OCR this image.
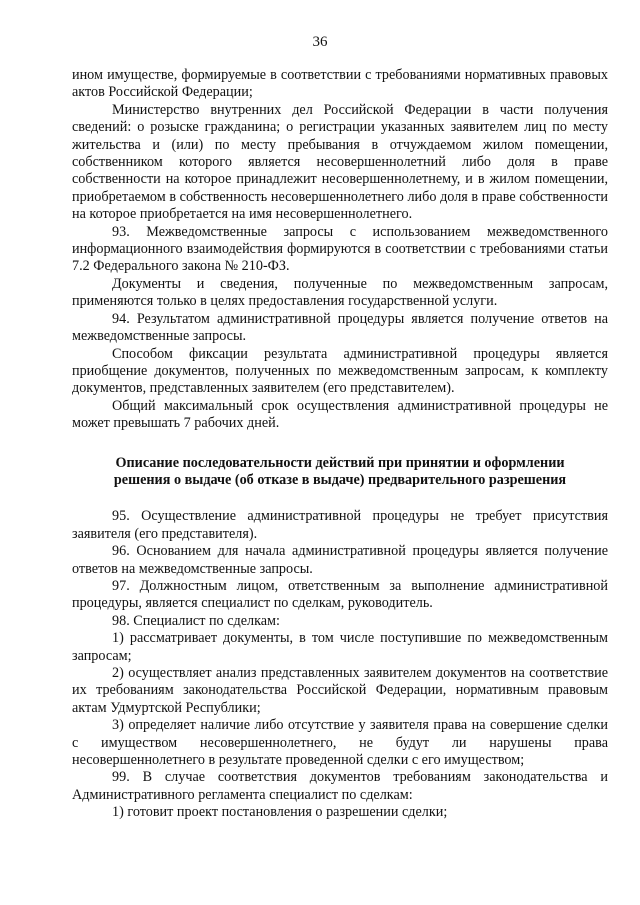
36

ином имуществе, формируемые в соответствии с требованиями нормативных правовых актов Российской Федерации;

Министерство внутренних дел Российской Федерации в части получения сведений: о розыске гражданина; о регистрации указанных заявителем лиц по месту жительства и (или) по месту пребывания в отчуждаемом жилом помещении, собственником которого является несовершеннолетний либо доля в праве собственности на которое принадлежит несовершеннолетнему, и в жилом помещении, приобретаемом в собственность несовершеннолетнего либо доля в праве собственности на которое приобретается на имя несовершеннолетнего.

93. Межведомственные запросы с использованием межведомственного информационного взаимодействия формируются в соответствии с требованиями статьи 7.2 Федерального закона № 210-ФЗ.

Документы и сведения, полученные по межведомственным запросам, применяются только в целях предоставления государственной услуги.

94. Результатом административной процедуры является получение ответов на межведомственные запросы.

Способом фиксации результата административной процедуры является приобщение документов, полученных по межведомственным запросам, к комплекту документов, представленных заявителем (его представителем).

Общий максимальный срок осуществления административной процедуры не может превышать 7 рабочих дней.

Описание последовательности действий при принятии и оформлении
решения о выдаче (об отказе в выдаче) предварительного разрешения

95. Осуществление административной процедуры не требует присутствия заявителя (его представителя).

96. Основанием для начала административной процедуры является получение ответов на межведомственные запросы.

97. Должностным лицом, ответственным за выполнение административной процедуры, является специалист по сделкам, руководитель.

98. Специалист по сделкам:

1) рассматривает документы, в том числе поступившие по межведомственным запросам;

2) осуществляет анализ представленных заявителем документов на соответствие их требованиям законодательства Российской Федерации, нормативным правовым актам Удмуртской Республики;

3) определяет наличие либо отсутствие у заявителя права на совершение сделки с имуществом несовершеннолетнего, не будут ли нарушены права несовершеннолетнего в результате проведенной сделки с его имуществом;

99. В случае соответствия документов требованиям законодательства и Административного регламента специалист по сделкам:

1) готовит проект постановления о разрешении сделки;
